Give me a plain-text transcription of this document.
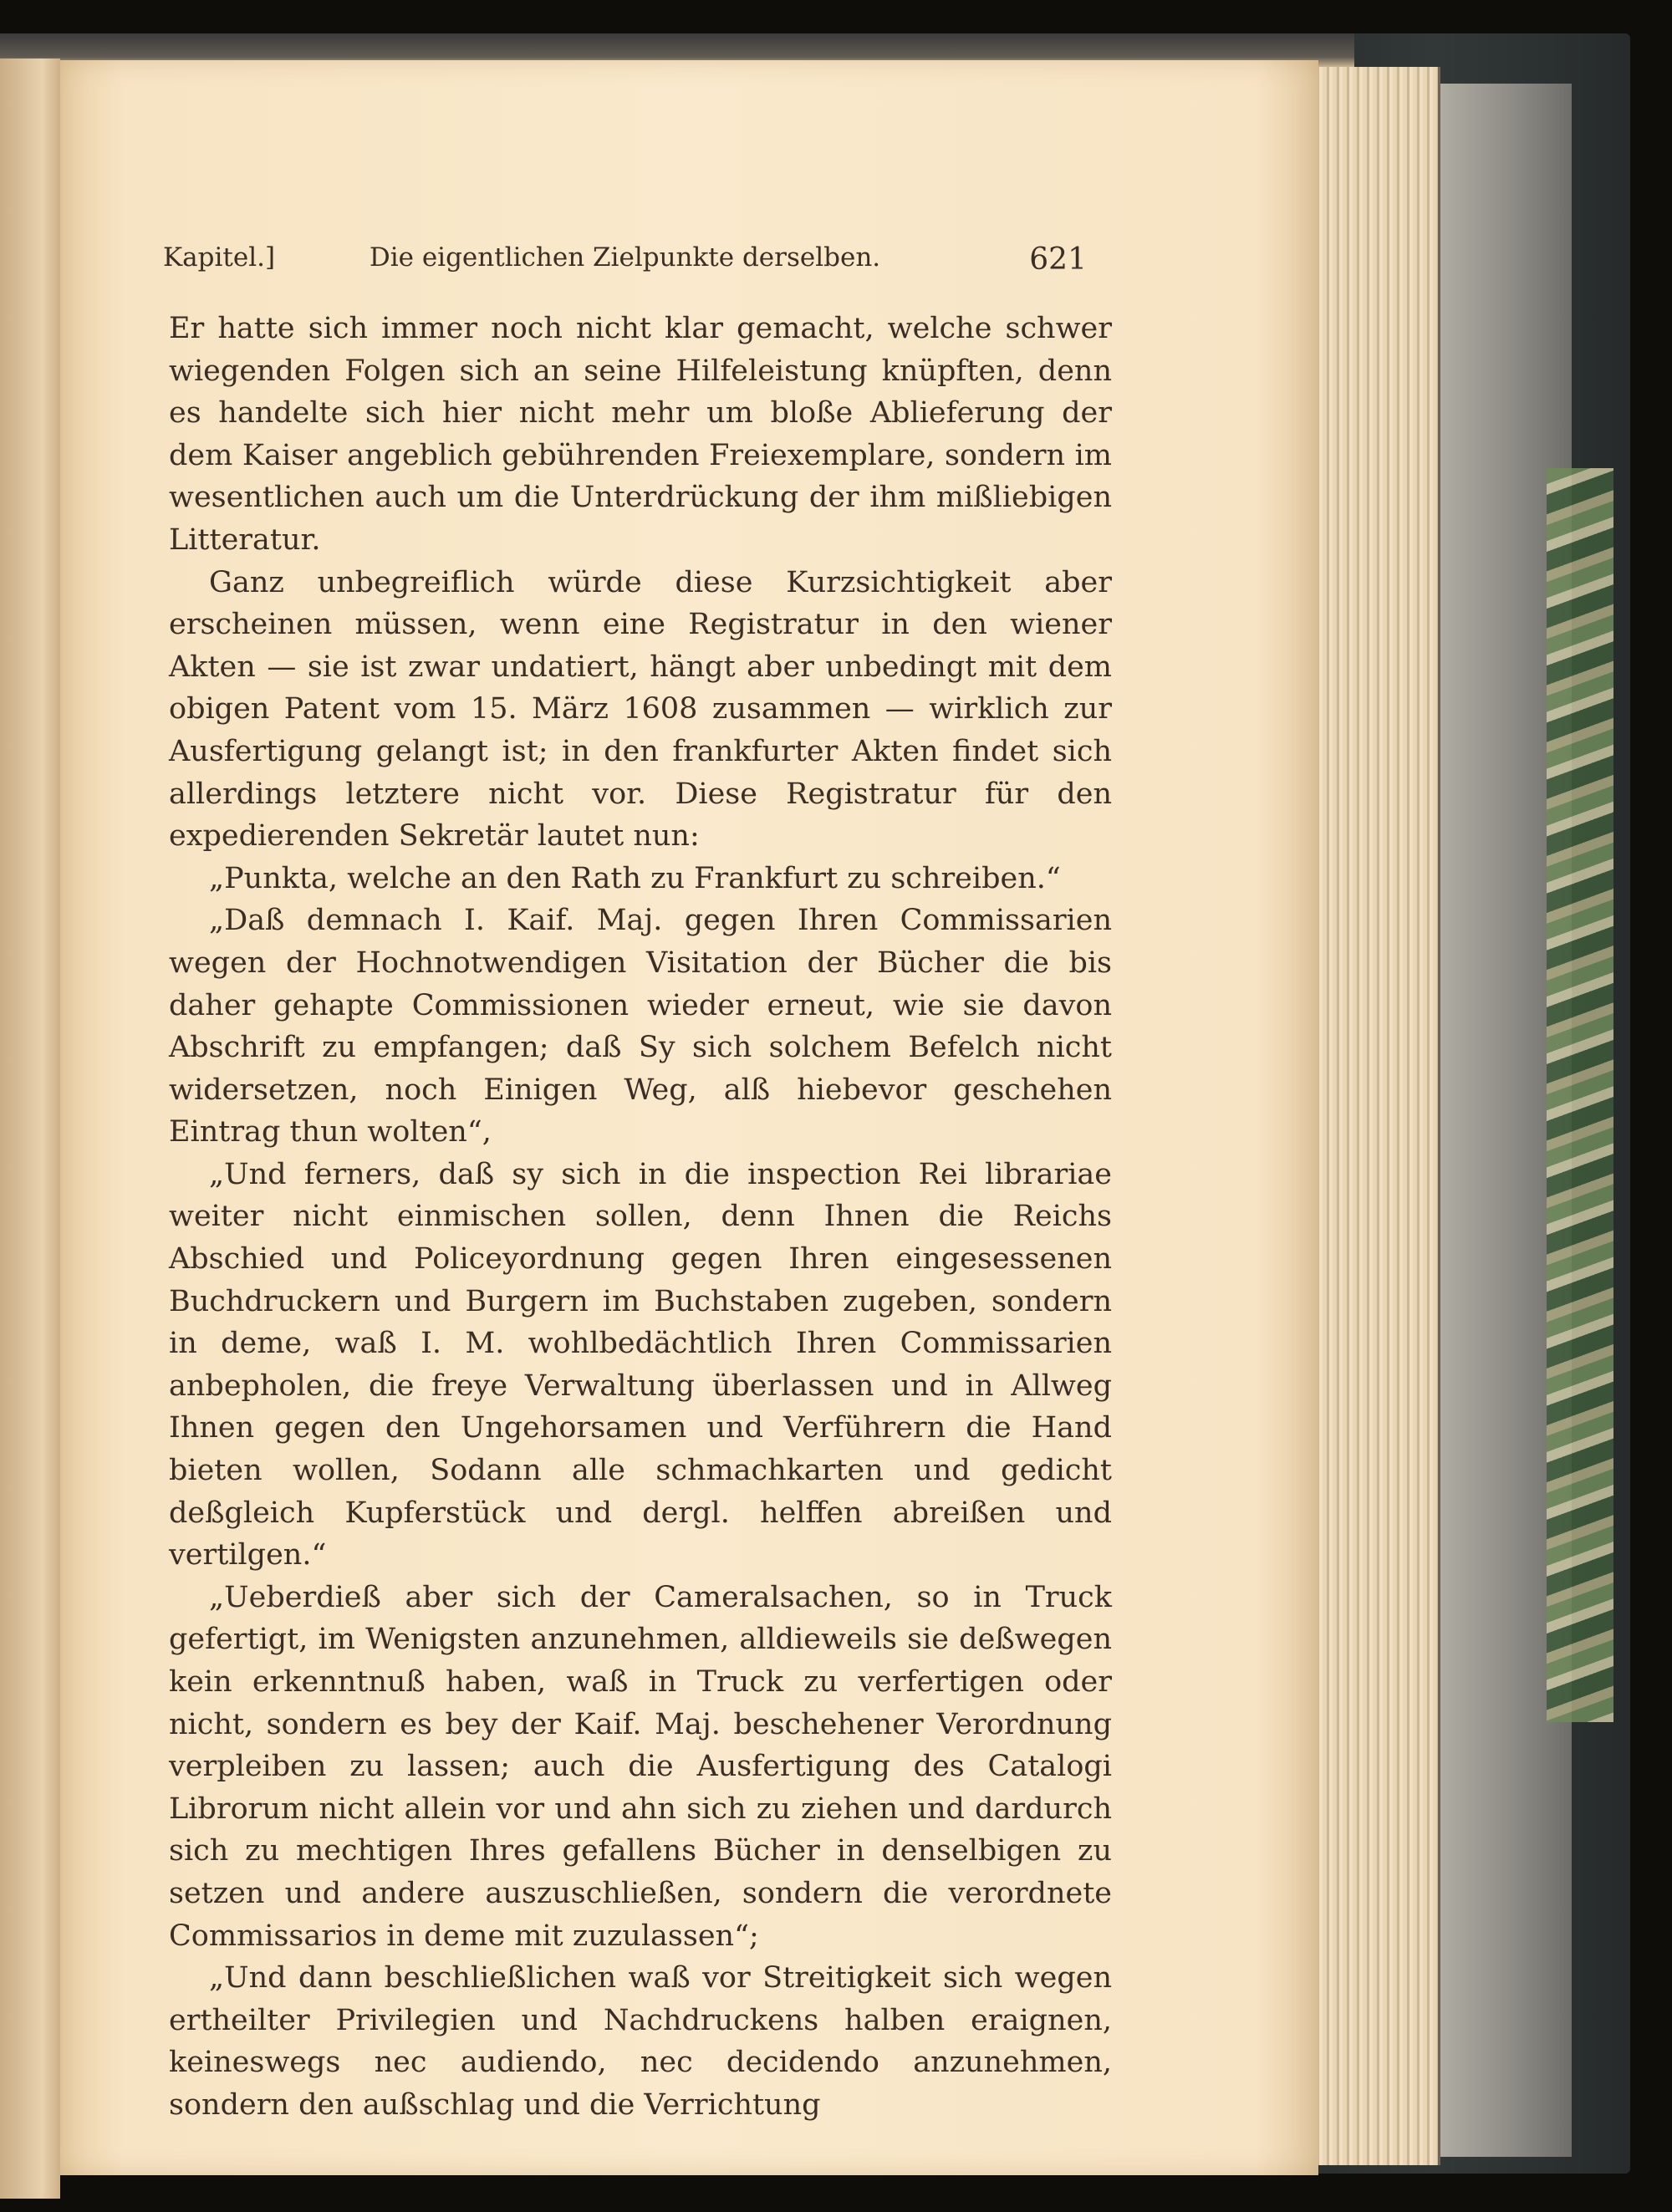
Kapitel.]	Die eigentlichen Zielpunkte derselben.	621

Er hatte sich immer noch nicht klar gemacht, welche schwer wiegenden Folgen sich an seine Hilfeleistung knüpften, denn es handelte sich hier nicht mehr um bloße Ablieferung der dem Kaiser angeblich gebührenden Freiexemplare, sondern im wesentlichen auch um die Unterdrückung der ihm mißliebigen Litteratur.

Ganz unbegreiflich würde diese Kurzsichtigkeit aber erscheinen müssen, wenn eine Registratur in den wiener Akten — sie ist zwar undatiert, hängt aber unbedingt mit dem obigen Patent vom 15. März 1608 zusammen — wirklich zur Ausfertigung gelangt ist; in den frankfurter Akten findet sich allerdings letztere nicht vor. Diese Registratur für den expedierenden Sekretär lautet nun:

„Punkta, welche an den Rath zu Frankfurt zu schreiben.“

„Daß demnach I. Kaif. Maj. gegen Ihren Commissarien wegen der Hochnotwendigen Visitation der Bücher die bis daher gehapte Commissionen wieder erneut, wie sie davon Abschrift zu empfangen; daß Sy sich solchem Befelch nicht widersetzen, noch Einigen Weg, alß hiebevor geschehen Eintrag thun wolten“,

„Und ferners, daß sy sich in die inspection Rei librariae weiter nicht einmischen sollen, denn Ihnen die Reichs Abschied und Policeyordnung gegen Ihren eingesessenen Buchdruckern und Burgern im Buchstaben zugeben, sondern in deme, waß I. M. wohlbedächtlich Ihren Commissarien anbepholen, die freye Verwaltung überlassen und in Allweg Ihnen gegen den Ungehorsamen und Verführern die Hand bieten wollen, Sodann alle schmachkarten und gedicht deßgleich Kupferstück und dergl. helffen abreißen und vertilgen.“

„Ueberdieß aber sich der Cameralsachen, so in Truck gefertigt, im Wenigsten anzunehmen, alldieweils sie deßwegen kein erkenntnuß haben, waß in Truck zu verfertigen oder nicht, sondern es bey der Kaif. Maj. beschehener Verordnung verpleiben zu lassen; auch die Ausfertigung des Catalogi Librorum nicht allein vor und ahn sich zu ziehen und dardurch sich zu mechtigen Ihres gefallens Bücher in denselbigen zu setzen und andere auszuschließen, sondern die verordnete Commissarios in deme mit zuzulassen“;

„Und dann beschließlichen waß vor Streitigkeit sich wegen ertheilter Privilegien und Nachdruckens halben eraignen, keineswegs nec audiendo, nec decidendo anzunehmen, sondern den außschlag und die Verrichtung
